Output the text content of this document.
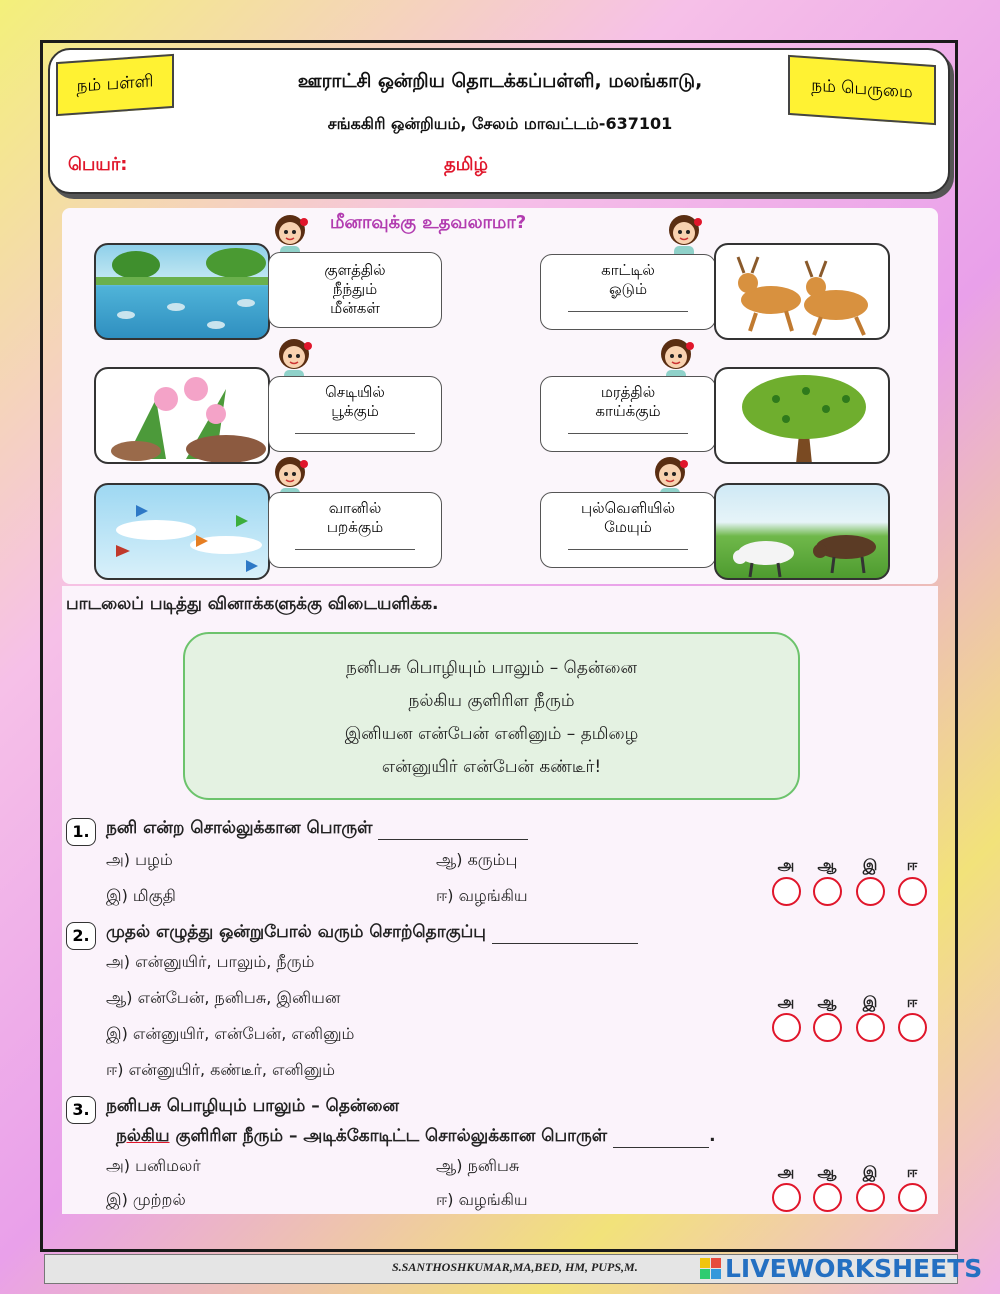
நம் பள்ளி	நம் பெருமை
ஊராட்சி ஒன்றிய தொடக்கப்பள்ளி, மலங்காடு,
சங்ககிரி ஒன்றியம், சேலம் மாவட்டம்-637101
பெயர்:	தமிழ்
மீனாவுக்கு உதவலாமா?
குளத்தில்
நீந்தும்
மீன்கள்
காட்டில்
ஓடும்
செடியில்
பூக்கும்
மரத்தில்
காய்க்கும்
வானில்
பறக்கும்
புல்வெளியில்
மேயும்
பாடலைப் படித்து வினாக்களுக்கு விடையளிக்க.
நனிபசு பொழியும் பாலும் – தென்னை
நல்கிய குளிரிள நீரும்
இனியன என்பேன் எனினும் – தமிழை
என்னுயிர் என்பேன் கண்டீர்!
1. நனி என்ற சொல்லுக்கான பொருள்
அ) பழம்	ஆ) கரும்பு
இ) மிகுதி	ஈ) வழங்கிய
அ	ஆ	இ	ஈ
2. முதல் எழுத்து ஒன்றுபோல் வரும் சொற்தொகுப்பு
அ) என்னுயிர், பாலும், நீரும்
ஆ) என்பேன், நனிபசு, இனியன
இ) என்னுயிர், என்பேன், எனினும்
ஈ) என்னுயிர், கண்டீர், எனினும்
அ	ஆ	இ	ஈ
3. நனிபசு பொழியும் பாலும் – தென்னை
நல்கிய குளிரிள நீரும் – அடிக்கோடிட்ட சொல்லுக்கான பொருள்	.
அ) பனிமலர்	ஆ) நனிபசு
இ) முற்றல்	ஈ) வழங்கிய
அ	ஆ	இ	ஈ
S.SANTHOSHKUMAR,MA,BED, HM, PUPS,M.	LIVEWORKSHEETS
